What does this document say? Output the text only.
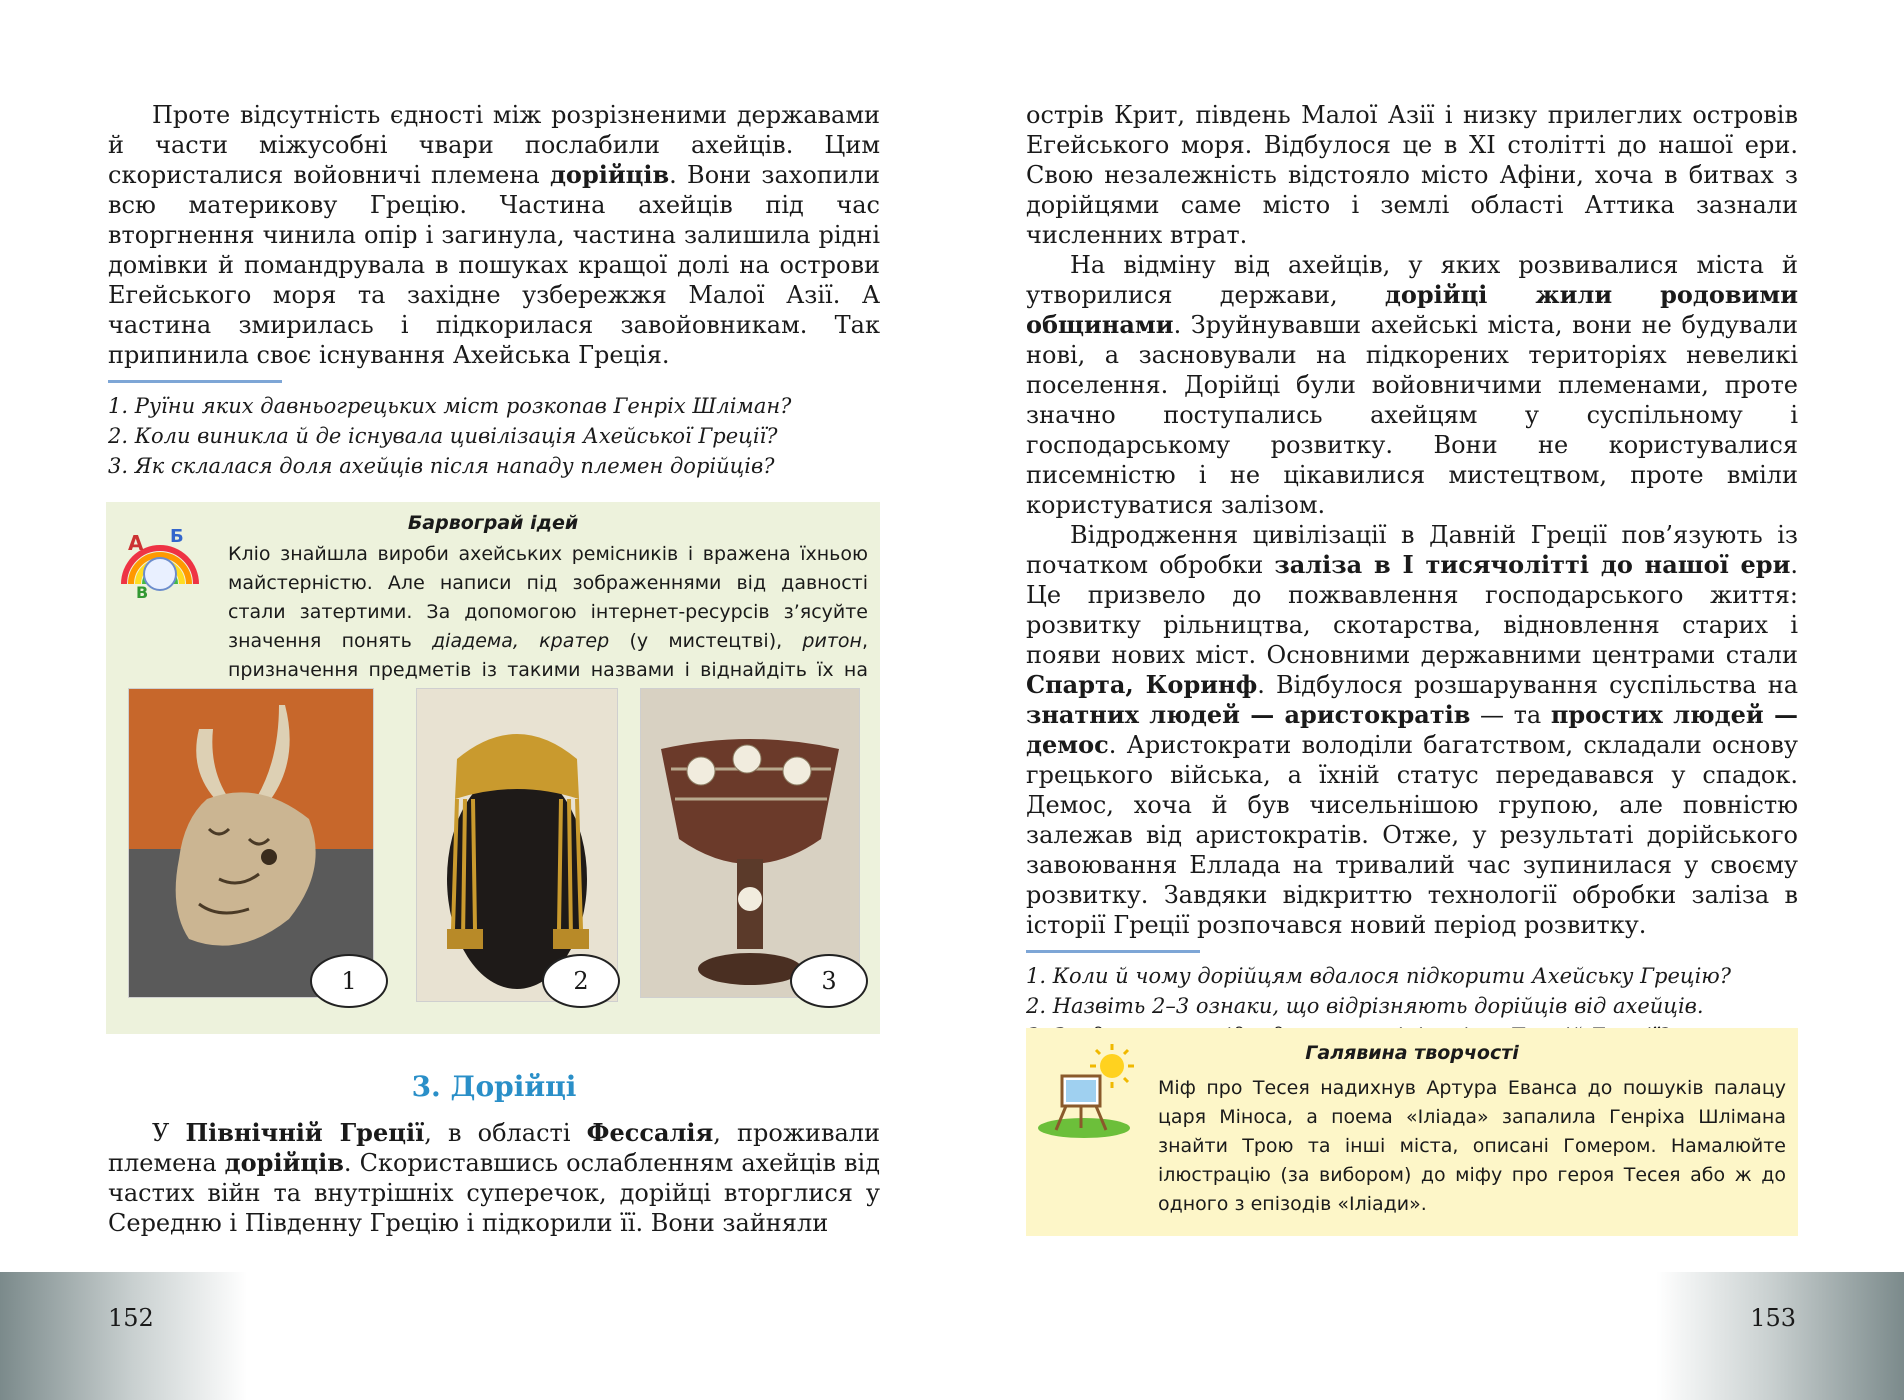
Проте відсутність єдності між розрізненими державами й части міжусобні чвари послабили ахейців. Цим скористалися войовничі племена дорійців. Вони захопили всю материкову Грецію. Частина ахейців під час вторгнення чинила опір і загинула, частина залишила рідні домівки й помандрувала в пошуках кращої долі на острови Егейського моря та західне узбережжя Малої Азії. А частина змирилась і підкорилася завойовникам. Так припинила своє існування Ахейська Греція.

1. Руїни яких давньогрецьких міст розкопав Генріх Шліман?
2. Коли виникла й де існувала цивілізація Ахейської Греції?
3. Як склалася доля ахейців після нападу племен дорійців?
А Б
В
Барвограй ідей
Кліо знайшла вироби ахейських ремісників і вражена їхньою майстерністю. Але написи під зображеннями від давності стали затертими. За допомогою інтернет-ресурсів з’ясуйте значення понять діадема, кратер (у мистецтві), ритон, призначення предметів із такими назвами і віднайдіть їх на
1	2	3
3. Дорійці

У Північній Греції, в області Фессалія, проживали племена дорійців. Скориставшись ослабленням ахейців від частих війн та внутрішніх суперечок, дорійці вторглися у Середню і Південну Грецію і підкорили її. Вони зайняли

152

острів Крит, південь Малої Азії і низку прилеглих островів Егейського моря. Відбулося це в ХІ столітті до нашої ери. Свою незалежність відстояло місто Афіни, хоча в битвах з дорійцями саме місто і землі області Аттика зазнали численних втрат.

На відміну від ахейців, у яких розвивалися міста й утворилися держави, дорійці жили родовими общинами. Зруйнувавши ахейські міста, вони не будували нові, а засновували на підкорених територіях невеликі поселення. Дорійці були войовничими племенами, проте значно поступались ахейцям у суспільному і господарському розвитку. Вони не користувалися писемністю і не цікавилися мистецтвом, проте вміли користуватися залізом.

Відродження цивілізації в Давній Греції пов’язують із початком обробки заліза в І тисячолітті до нашої ери. Це призвело до пожвавлення господарського життя: розвитку рільництва, скотарства, відновлення старих і появи нових міст. Основними державними центрами стали Спарта, Коринф. Відбулося розшарування суспільства на знатних людей — аристократів — та простих людей — демос. Аристократи володіли багатством, складали основу грецького війська, а їхній статус передавався у спадок. Демос, хоча й був чисельнішою групою, але повністю залежав від аристократів. Отже, у результаті дорійського завоювання Еллада на тривалий час зупинилася у своєму розвитку. Завдяки відкриттю технології обробки заліза в історії Греції розпочався новий період розвитку.

1. Коли й чому дорійцям вдалося підкорити Ахейську Грецію?
2. Назвіть 2–3 ознаки, що відрізняють дорійців від ахейців.
Галявина творчості
Міф про Тесея надихнув Артура Еванса до пошуків палацу царя Міноса, а поема «Іліада» запалила Генріха Шлімана знайти Трою та інші міста, описані Гомером. Намалюйте ілюстрацію (за вибором) до міфу про героя Тесея або ж до одного з епізодів «Іліади».
153
